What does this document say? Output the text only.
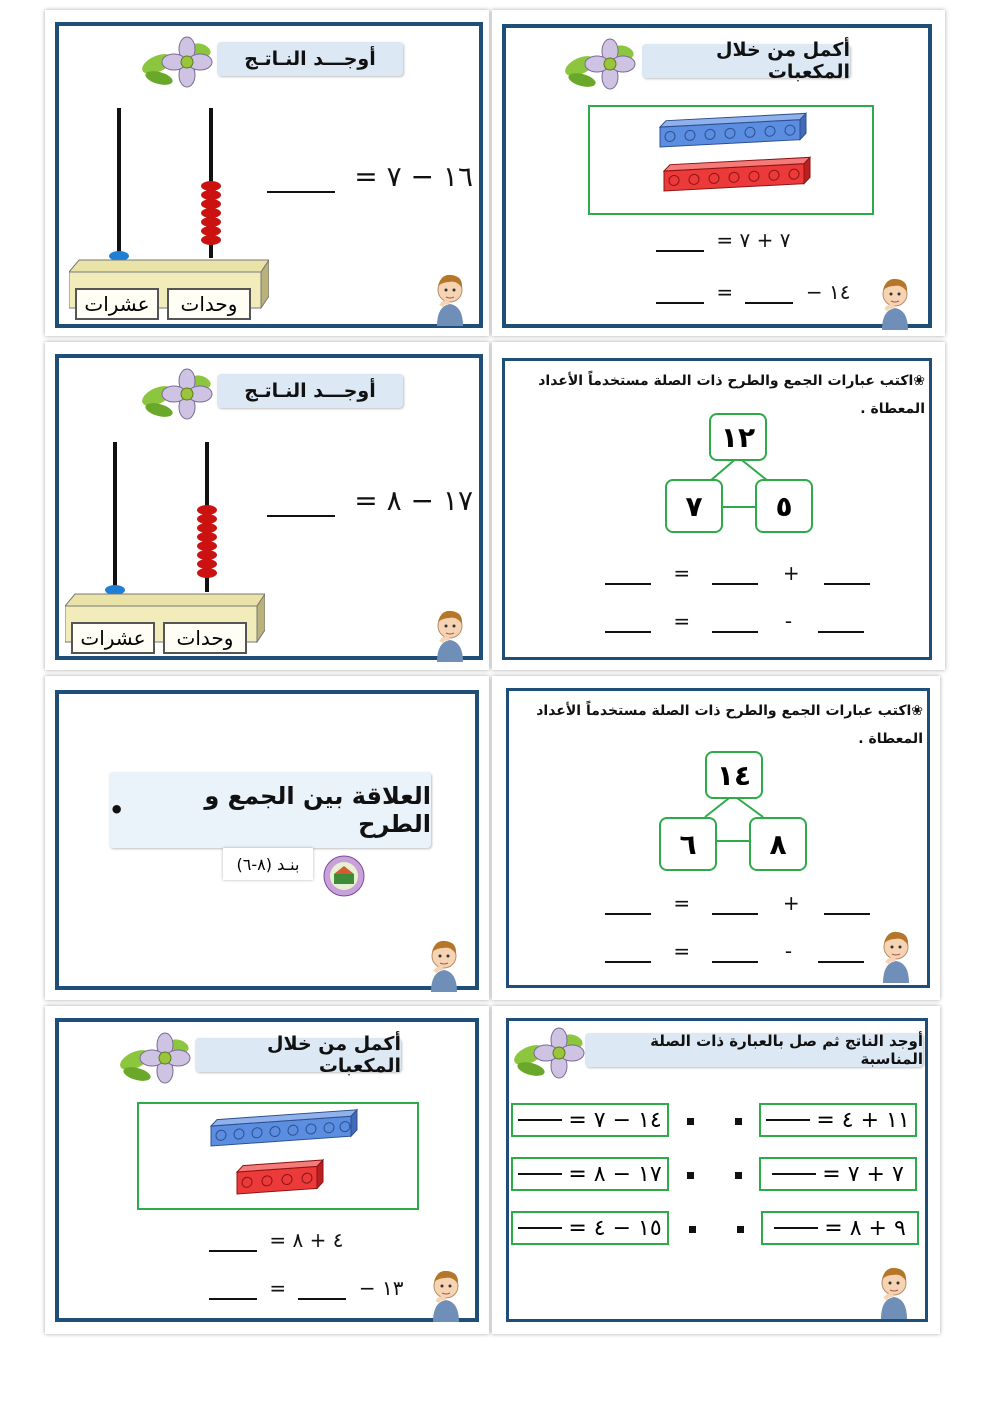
أوجـــد النـاتـج
عشرات	وحدات
١٦ − ٧ =
أكمل من خلال المكعبات
٧ + ٧ =
١٤ −  =
أوجـــد النـاتـج
عشرات	وحدات
١٧ − ٨ =
❀اكتب عبارات الجمع والطرح ذات الصلة مستخدماً الأعداد
المعطاة .
١٢
٧	٥
=	+
=	-
العلاقة بين الجمع و الطرح
•
بنـد (٨-٦)
❀اكتب عبارات الجمع والطرح ذات الصلة مستخدماً الأعداد
المعطاة .
١٤
٦	٨
=	+
=	-
أكمل من خلال المكعبات
٤ + ٨ =
١٣ −  =
أوجد الناتج ثم صل بالعبارة ذات الصلة المناسبة
١٤ − ٧ =
١٧ − ٨ =
١٥ − ٤ =
١١ + ٤ =
٧ + ٧ =
٩ + ٨ =
